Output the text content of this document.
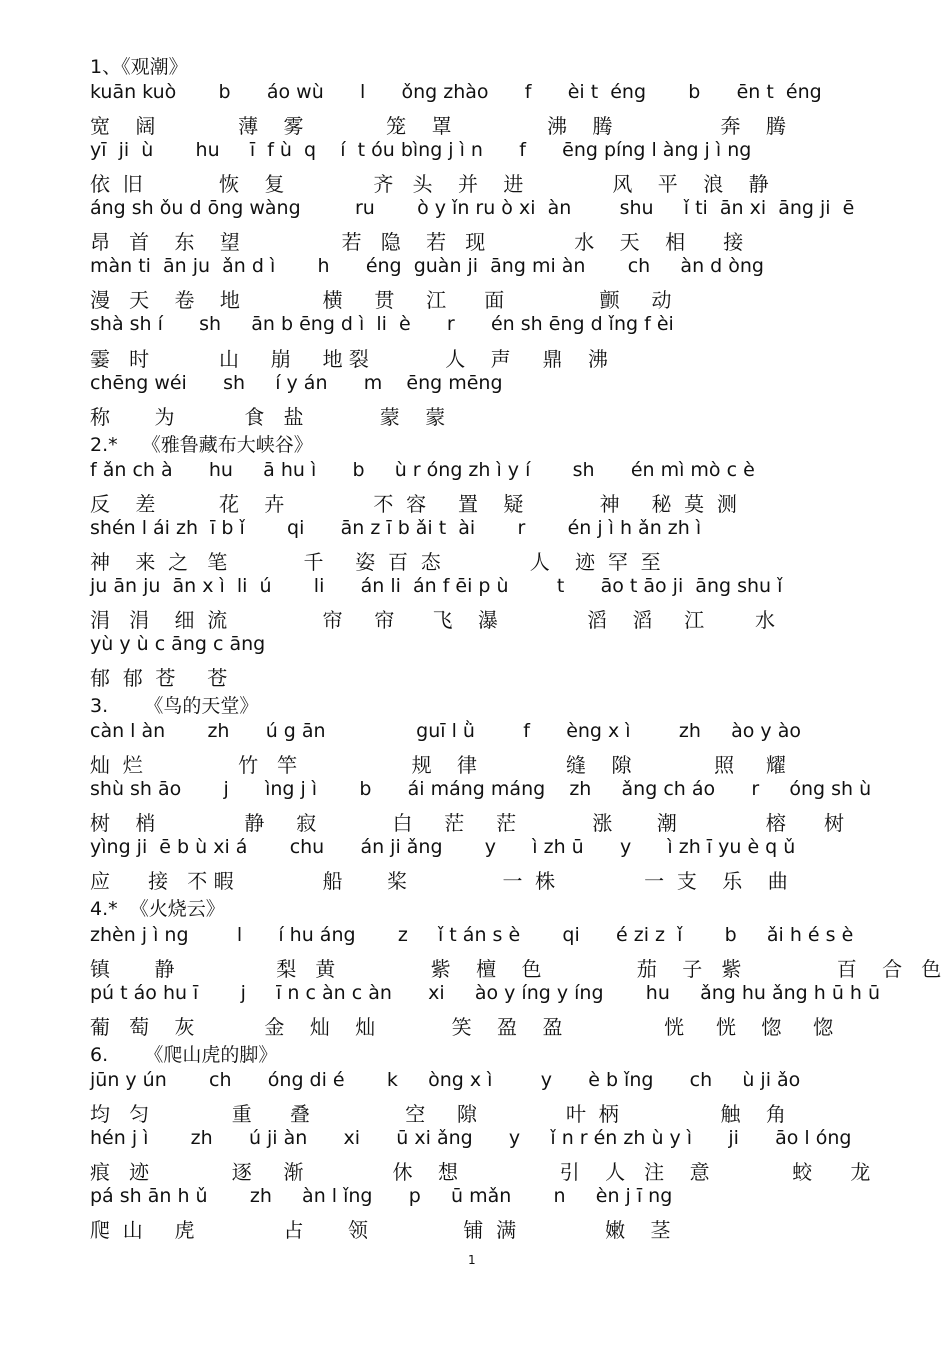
1、《观潮》
kuān kuò       b      áo wù      l      ǒng zhào      f      èi t  éng       b      ēn t  éng
宽    阔             薄    雾             笼    罩               沸    腾                 奔    腾
yī  ji  ù       hu     ī  f ù  q    í  t óu bìng j ì n      f      ēng píng l àng j ì ng
依  旧            恢    复              齐   头    并    进              风    平    浪    静
áng sh ǒu d ōng wàng         ru       ò y ǐn ru ò xi  àn        shu     ǐ ti  ān xi  āng ji  ē
昂   首    东    望                若   隐    若   现              水    天    相      接
màn ti  ān ju  ǎn d ì       h      éng  guàn ji  āng mi àn       ch     àn d òng
漫   天    卷    地             横     贯     江      面               颤     动
shà sh í      sh     ān b ēng d ì  li  è      r      én sh ēng d ǐng f èi
霎   时           山     崩     地 裂            人    声     鼎    沸
chēng wéi      sh     í y án      m    ēng mēng
称       为           食   盐            蒙    蒙
2.*    《雅鲁藏布大峡谷》
f ǎn ch à      hu     ā hu ì      b     ù r óng zh ì y í       sh      én mì mò c è
反    差          花    卉              不  容     置    疑            神     秘  莫  测
shén l ái zh  ī b ǐ       qi      ān z ī b ǎi t  ài       r       én j ì h ǎn zh ì
神    来  之   笔            千     姿  百  态              人    迹  罕  至
ju ān ju  ān x ì  li  ú       li      án li  án f ēi p ù        t      āo t āo ji  āng shu ǐ
涓   涓    细  流               帘     帘      飞    瀑              滔    滔     江        水
yù y ù c āng c āng
郁  郁  苍     苍
3.      《鸟的天堂》
càn l àn       zh      ú g ān               guī l ǜ        f      èng x ì        zh     ào y ào
灿  烂               竹   竿                  规    律              缝    隙             照     耀
shù sh āo       j      ìng j ì       b      ái máng máng    zh     ǎng ch áo      r     óng sh ù
树    梢              静     寂            白     茫     茫            涨       潮              榕      树
yìng ji  ē b ù xi á       chu      án ji ǎng       y      ì zh ū      y      ì zh ī yu è q ǔ
应      接   不 暇              船       桨               一  株              一  支    乐    曲
4.*  《火烧云》
zhèn j ì ng        l      í hu áng       z     ǐ t án s è       qi      é zi z  ǐ       b     ǎi h é s è
镇       静                梨   黄               紫    檀    色               茄    子   紫               百    合   色
pú t áo hu ī       j     ī n c àn c àn      xi     ào y íng y íng       hu     ǎng hu ǎng h ū h ū
葡   萄    灰           金    灿    灿            笑    盈    盈                恍     恍    惚     惚
6.      《爬山虎的脚》
jūn y ún       ch      óng di é       k     òng x ì        y      è b ǐng      ch     ù ji ǎo
均   匀             重      叠               空     隙              叶  柄                触    角
hén j ì       zh      ú ji àn      xi      ū xi ǎng      y     ǐ n r én zh ù y ì      ji      āo l óng
痕   迹             逐     渐              休    想                引    人   注    意             蛟      龙
pá sh ān h ǔ       zh     àn l ǐng      p     ū mǎn       n     èn j ī ng
爬  山     虎              占       领               铺  满              嫩    茎
1
